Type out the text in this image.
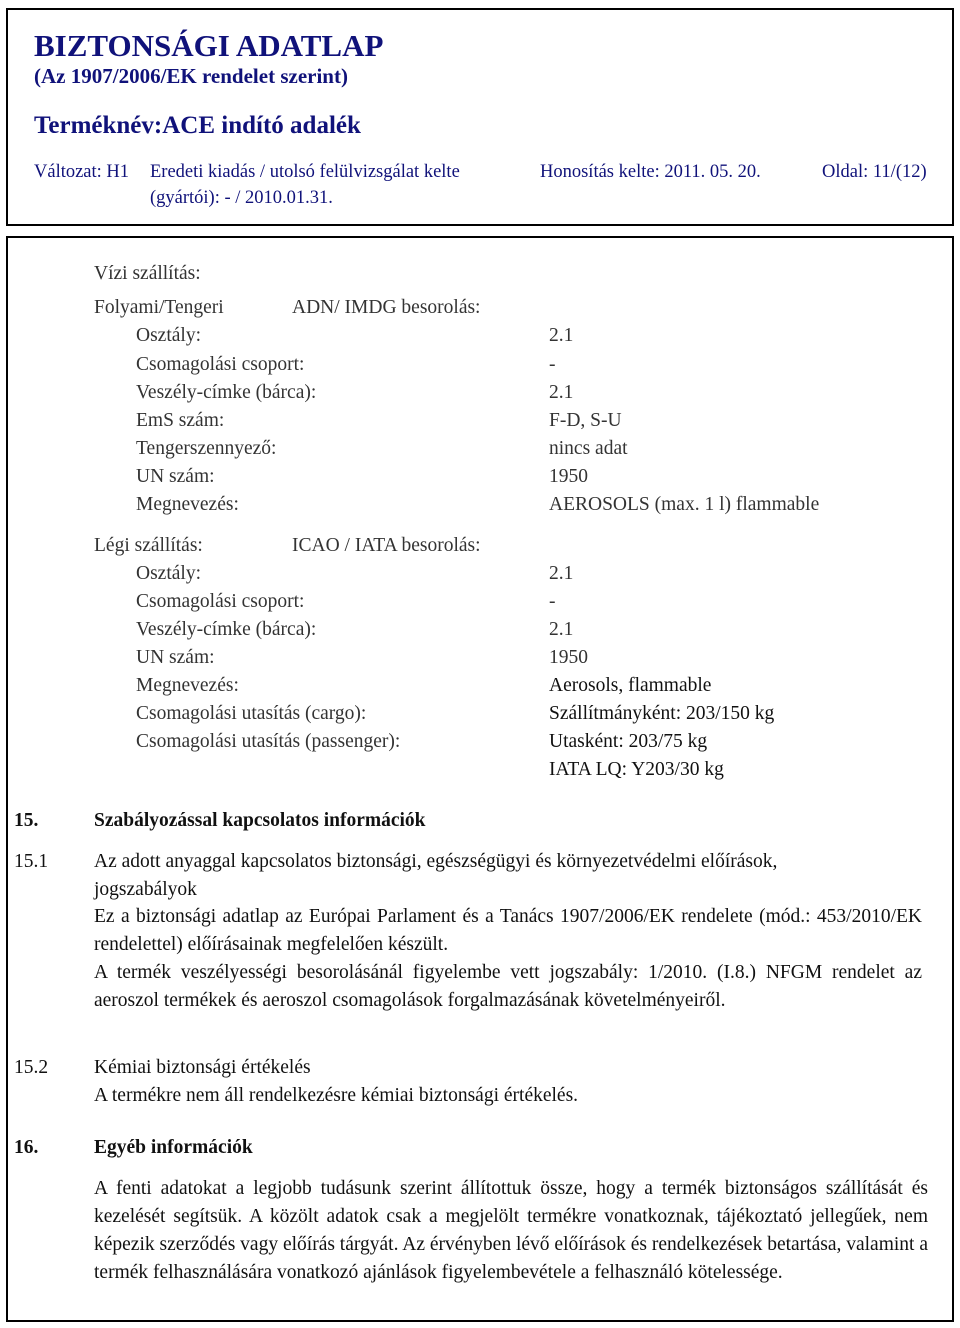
BIZTONSÁGI ADATLAP
(Az 1907/2006/EK rendelet szerint)
Terméknév:ACE indító adalék
Változat: H1 Eredeti kiadás / utolsó felülvizsgálat kelte
(gyártói): - / 2010.01.31.
Honosítás kelte: 2011. 05. 20.	Oldal: 11/(12)
Vízi szállítás:
Folyami/Tengeri	ADN/ IMDG besorolás:
Osztály:	2.1
Csomagolási csoport:	-
Veszély-címke (bárca):	2.1
EmS szám:	F-D, S-U
Tengerszennyező:	nincs adat
UN szám:	1950
Megnevezés:	AEROSOLS (max. 1 l) flammable
Légi szállítás:	ICAO / IATA besorolás:
Osztály:	2.1
Csomagolási csoport:	-
Veszély-címke (bárca):	2.1
UN szám:	1950
Megnevezés:	Aerosols, flammable
Csomagolási utasítás (cargo):	Szállítmányként: 203/150 kg
Csomagolási utasítás (passenger):	Utasként: 203/75 kg
IATA LQ: Y203/30 kg
15.	Szabályozással kapcsolatos információk
15.1 Az adott anyaggal kapcsolatos biztonsági, egészségügyi és környezetvédelmi előírások,
jogszabályok
Ez a biztonsági adatlap az Európai Parlament és a Tanács 1907/2006/EK rendelete (mód.: 453/2010/EK rendelettel) előírásainak megfelelően készült.
A termék veszélyességi besorolásánál figyelembe vett jogszabály: 1/2010. (I.8.) NFGM rendelet az aeroszol termékek és aeroszol csomagolások forgalmazásának követelményeiről.
15.2 Kémiai biztonsági értékelés
A termékre nem áll rendelkezésre kémiai biztonsági értékelés.
16.	Egyéb információk
A fenti adatokat a legjobb tudásunk szerint állítottuk össze, hogy a termék biztonságos szállítását és kezelését segítsük. A közölt adatok csak a megjelölt termékre vonatkoznak, tájékoztató jellegűek, nem képezik szerződés vagy előírás tárgyát. Az érvényben lévő előírások és rendelkezések betartása, valamint a termék felhasználására vonatkozó ajánlások figyelembevétele a felhasználó kötelessége.
